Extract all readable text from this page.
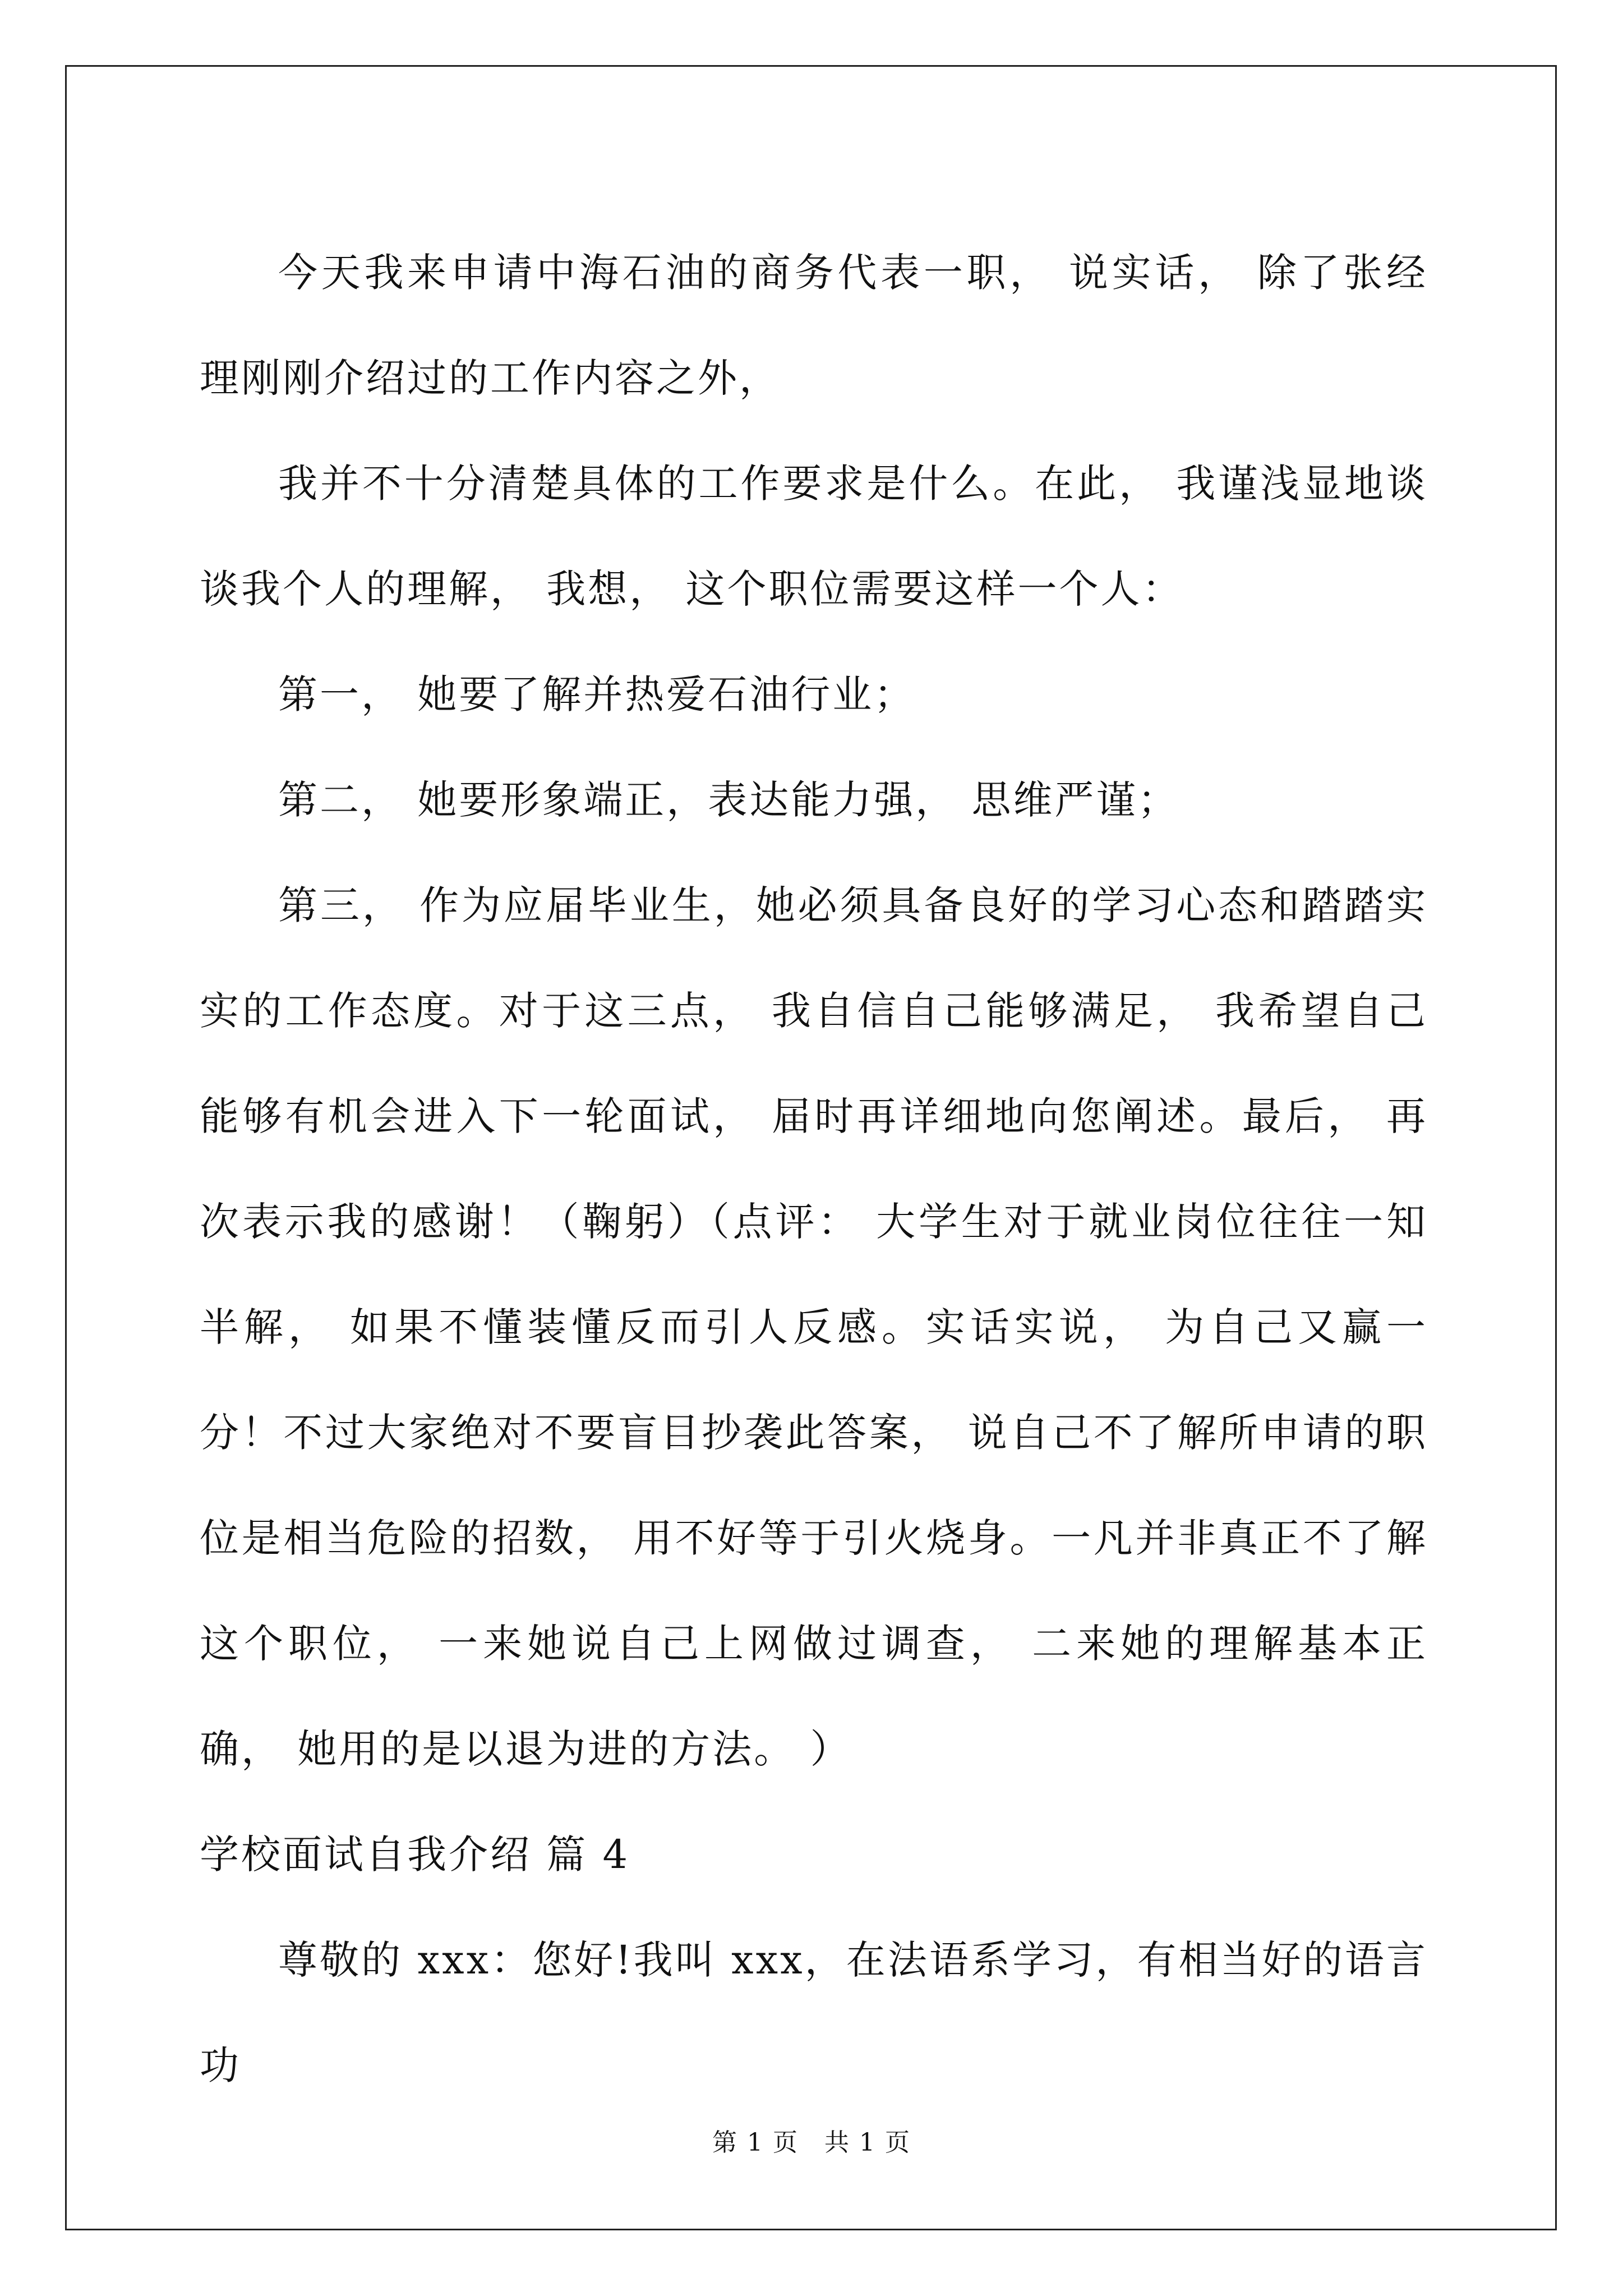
今天我来申请中海石油的商务代表一职， 说实话， 除了张经理刚刚介绍过的工作内容之外，

我并不十分清楚具体的工作要求是什么。在此， 我谨浅显地谈谈我个人的理解， 我想， 这个职位需要这样一个人：

第一， 她要了解并热爱石油行业；

第二， 她要形象端正，表达能力强， 思维严谨；

第三， 作为应届毕业生，她必须具备良好的学习心态和踏踏实实的工作态度。对于这三点， 我自信自己能够满足， 我希望自己能够有机会进入下一轮面试， 届时再详细地向您阐述。最后， 再次表示我的感谢！（鞠躬）（点评： 大学生对于就业岗位往往一知半解， 如果不懂装懂反而引人反感。实话实说， 为自己又赢一分！不过大家绝对不要盲目抄袭此答案， 说自己不了解所申请的职位是相当危险的招数， 用不好等于引火烧身。一凡并非真正不了解这个职位， 一来她说自己上网做过调查， 二来她的理解基本正确， 她用的是以退为进的方法。 ）

学校面试自我介绍 篇 4

尊敬的 xxx：您好!我叫 xxx，在法语系学习，有相当好的语言功

第 1 页　共 1 页
